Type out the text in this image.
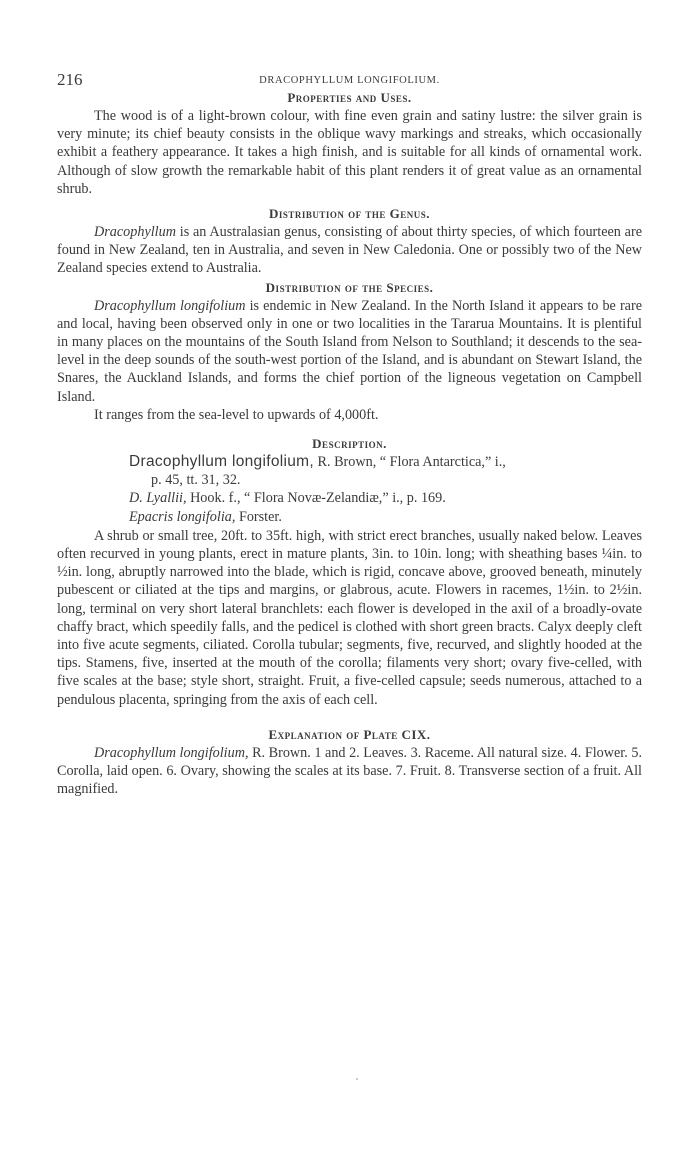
216	DRACOPHYLLUM LONGIFOLIUM.
Properties and Uses.

The wood is of a light-brown colour, with fine even grain and satiny lustre: the silver grain is very minute; its chief beauty consists in the oblique wavy markings and streaks, which occasionally exhibit a feathery appearance. It takes a high finish, and is suitable for all kinds of ornamental work. Although of slow growth the remarkable habit of this plant renders it of great value as an ornamental shrub.

Distribution of the Genus.

Dracophyllum is an Australasian genus, consisting of about thirty species, of which fourteen are found in New Zealand, ten in Australia, and seven in New Caledonia. One or possibly two of the New Zealand species extend to Australia.

Distribution of the Species.

Dracophyllum longifolium is endemic in New Zealand. In the North Island it appears to be rare and local, having been observed only in one or two localities in the Tararua Mountains. It is plentiful in many places on the mountains of the South Island from Nelson to Southland; it descends to the sea-level in the deep sounds of the south-west portion of the Island, and is abundant on Stewart Island, the Snares, the Auckland Islands, and forms the chief portion of the ligneous vegetation on Campbell Island.

It ranges from the sea-level to upwards of 4,000ft.

Description.
Dracophyllum longifolium, R. Brown, “ Flora Antarctica,” i.,
p. 45, tt. 31, 32.
D. Lyallii, Hook. f., “ Flora Novæ-Zelandiæ,” i., p. 169.
Epacris longifolia, Forster.

A shrub or small tree, 20ft. to 35ft. high, with strict erect branches, usually naked below. Leaves often recurved in young plants, erect in mature plants, 3in. to 10in. long; with sheathing bases ¼in. to ½in. long, abruptly narrowed into the blade, which is rigid, concave above, grooved beneath, minutely pubescent or ciliated at the tips and margins, or glabrous, acute. Flowers in racemes, 1½in. to 2½in. long, terminal on very short lateral branchlets: each flower is developed in the axil of a broadly-ovate chaffy bract, which speedily falls, and the pedicel is clothed with short green bracts. Calyx deeply cleft into five acute segments, ciliated. Corolla tubular; segments, five, recurved, and slightly hooded at the tips. Stamens, five, inserted at the mouth of the corolla; filaments very short; ovary five-celled, with five scales at the base; style short, straight. Fruit, a five-celled capsule; seeds numerous, attached to a pendulous placenta, springing from the axis of each cell.

Explanation of Plate CIX.

Dracophyllum longifolium, R. Brown. 1 and 2. Leaves. 3. Raceme. All natural size. 4. Flower. 5. Corolla, laid open. 6. Ovary, showing the scales at its base. 7. Fruit. 8. Transverse section of a fruit. All magnified.
